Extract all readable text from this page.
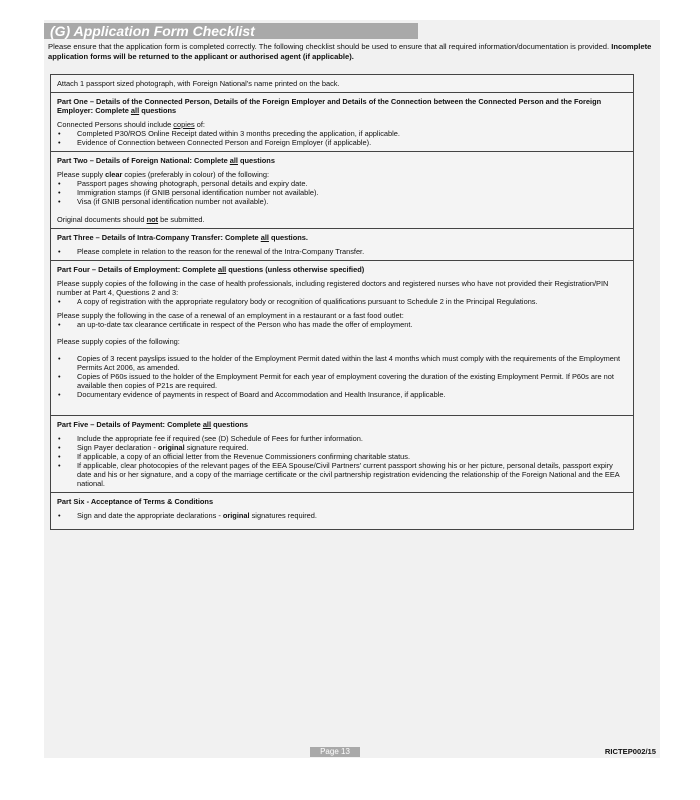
(G) Application Form Checklist
Please ensure that the application form is completed correctly. The following checklist should be used to ensure that all required information/documentation is provided. Incomplete application forms will be returned to the applicant or authorised agent (if applicable).

Attach 1 passport sized photograph, with Foreign National’s name printed on the back.

Part One – Details of the Connected Person, Details of the Foreign Employer and Details of the Connection between the Connected Person and the Foreign Employer: Complete all questions

Connected Persons should include copies of:

• Completed P30/ROS Online Receipt dated within 3 months preceding the application, if applicable.
• Evidence of Connection between Connected Person and Foreign Employer (if applicable).
Part Two – Details of Foreign National: Complete all questions

Please supply clear copies (preferably in colour) of the following:

• Passport pages showing photograph, personal details and expiry date.
• Immigration stamps (if GNIB personal identification number not available).
• Visa (if GNIB personal identification number not available).

Original documents should not be submitted.

Part Three – Details of Intra-Company Transfer: Complete all questions.
• Please complete in relation to the reason for the renewal of the Intra-Company Transfer.
Part Four – Details of Employment: Complete all questions (unless otherwise specified)

Please supply copies of the following in the case of health professionals, including registered doctors and registered nurses who have not provided their Registration/PIN number at Part 4, Questions 2 and 3:

• A copy of registration with the appropriate regulatory body or recognition of qualifications pursuant to Schedule 2 in the Principal Regulations.

Please supply the following in the case of a renewal of an employment in a restaurant or a fast food outlet:

• an up-to-date tax clearance certificate in respect of the Person who has made the offer of employment.

Please supply copies of the following:

• Copies of 3 recent payslips issued to the holder of the Employment Permit dated within the last 4 months which must comply with the requirements of the Employment Permits Act 2006, as amended.
• Copies of P60s issued to the holder of the Employment Permit for each year of employment covering the duration of the existing Employment Permit. If P60s are not available then copies of P21s are required.
• Documentary evidence of payments in respect of Board and Accommodation and Health Insurance, if applicable.
Part Five – Details of Payment: Complete all questions
• Include the appropriate fee if required (see (D) Schedule of Fees for further information.
• Sign Payer declaration - original signature required.
• If applicable, a copy of an official letter from the Revenue Commissioners confirming charitable status.
• If applicable, clear photocopies of the relevant pages of the EEA Spouse/Civil Partners’ current passport showing his or her picture, personal details, passport expiry date and his or her signature, and a copy of the marriage certificate or the civil partnership registration evidencing the relationship of the Foreign National and the EEA national.
Part Six - Acceptance of Terms & Conditions
• Sign and date the appropriate declarations - original signatures required.
Page 13	RICTEP002/15
